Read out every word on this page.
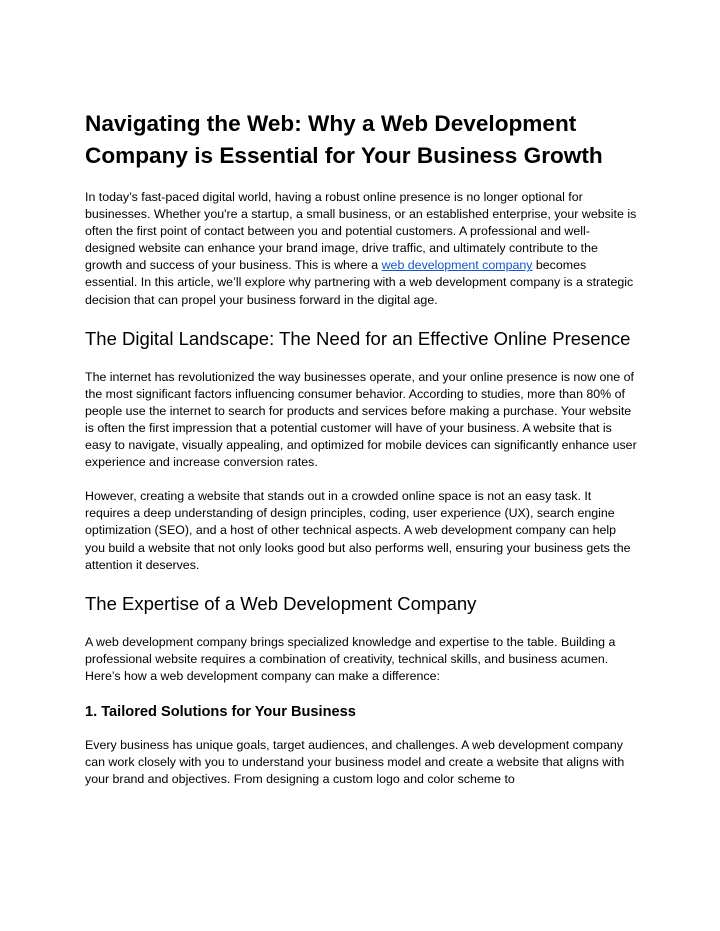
Navigating the Web: Why a Web Development Company is Essential for Your Business Growth

In today’s fast-paced digital world, having a robust online presence is no longer optional for businesses. Whether you're a startup, a small business, or an established enterprise, your website is often the first point of contact between you and potential customers. A professional and well-designed website can enhance your brand image, drive traffic, and ultimately contribute to the growth and success of your business. This is where a web development company becomes essential. In this article, we’ll explore why partnering with a web development company is a strategic decision that can propel your business forward in the digital age.

The Digital Landscape: The Need for an Effective Online Presence

The internet has revolutionized the way businesses operate, and your online presence is now one of the most significant factors influencing consumer behavior. According to studies, more than 80% of people use the internet to search for products and services before making a purchase. Your website is often the first impression that a potential customer will have of your business. A website that is easy to navigate, visually appealing, and optimized for mobile devices can significantly enhance user experience and increase conversion rates.

However, creating a website that stands out in a crowded online space is not an easy task. It requires a deep understanding of design principles, coding, user experience (UX), search engine optimization (SEO), and a host of other technical aspects. A web development company can help you build a website that not only looks good but also performs well, ensuring your business gets the attention it deserves.

The Expertise of a Web Development Company

A web development company brings specialized knowledge and expertise to the table. Building a professional website requires a combination of creativity, technical skills, and business acumen. Here’s how a web development company can make a difference:

1. Tailored Solutions for Your Business

Every business has unique goals, target audiences, and challenges. A web development company can work closely with you to understand your business model and create a website that aligns with your brand and objectives. From designing a custom logo and color scheme to
